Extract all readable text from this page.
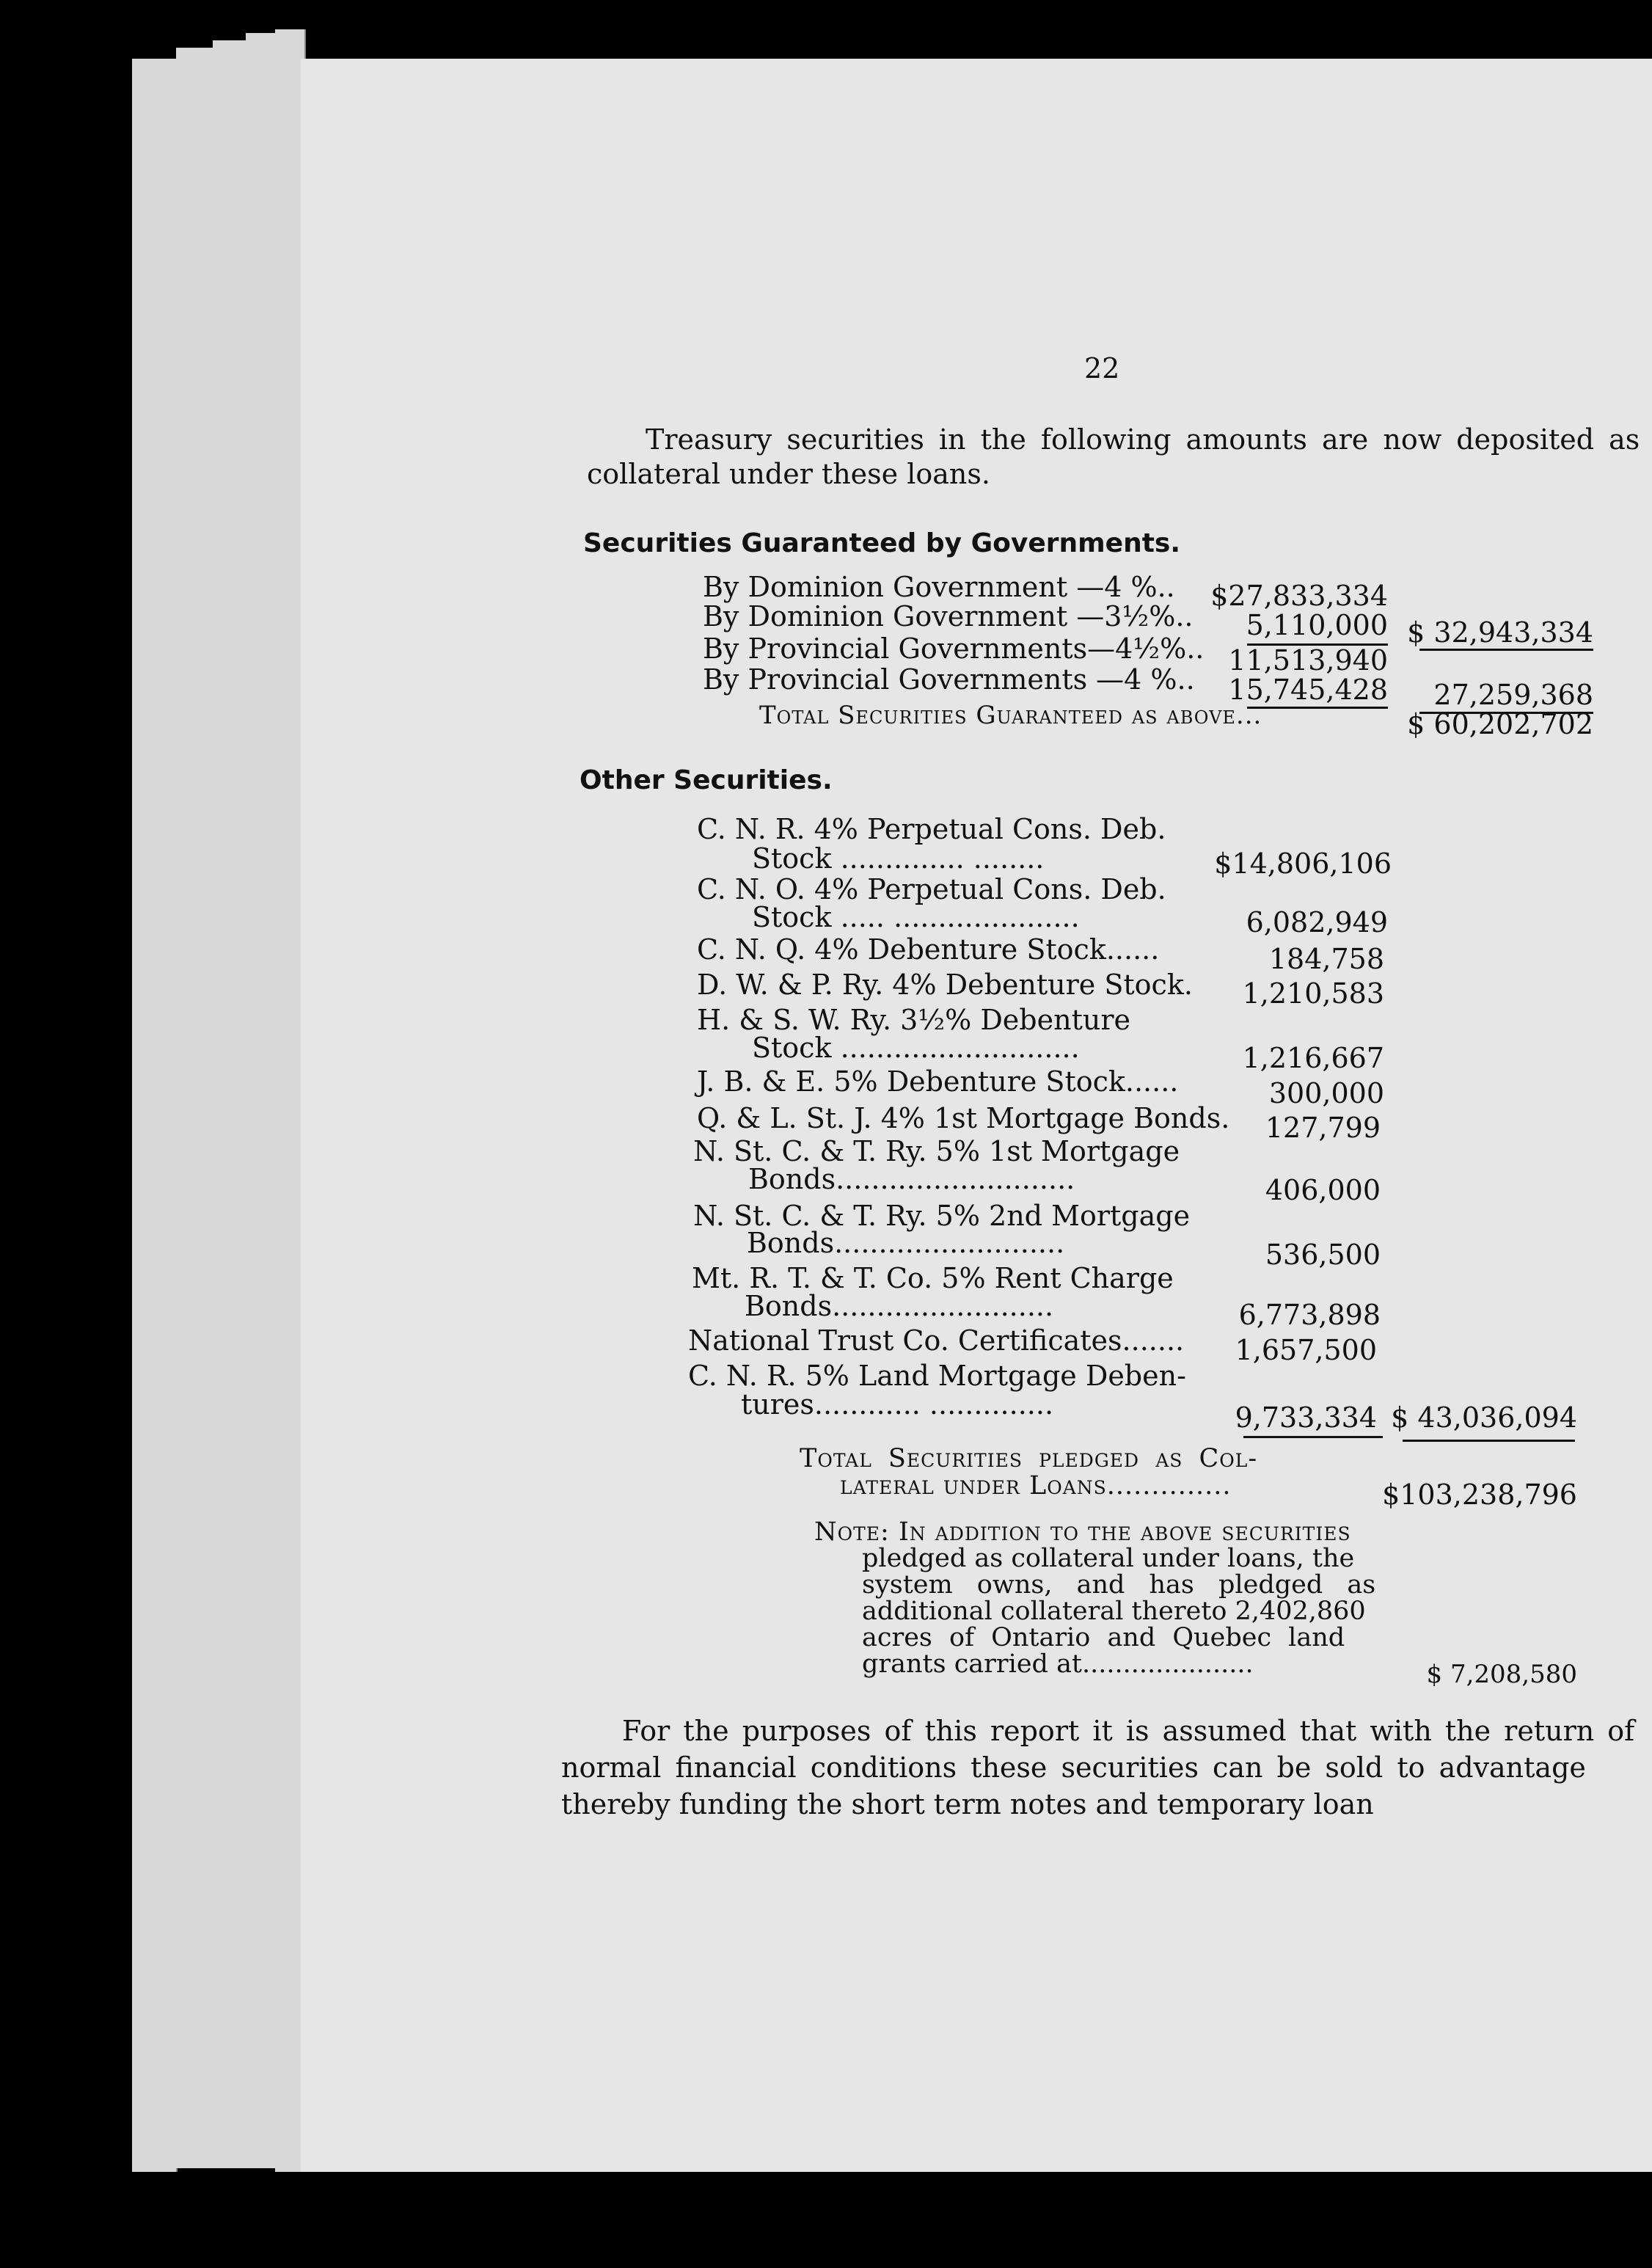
22
Treasury securities in the following amounts are now deposited as
collateral under these loans.
Securities Guaranteed by Governments.
By Dominion Government —4 %.. $27,833,334
By Dominion Government —3½%.. 5,110,000 $ 32,943,334
By Provincial Governments—4½%.. 11,513,940
By Provincial Governments —4 %.. 15,745,428 27,259,368
Total Securities Guaranteed as above...	$ 60,202,702
Other Securities.
C. N. R. 4% Perpetual Cons. Deb.
Stock .............. ........	$14,806,106
C. N. O. 4% Perpetual Cons. Deb.
Stock ..... .....................	6,082,949
C. N. Q. 4% Debenture Stock......	184,758
D. W. & P. Ry. 4% Debenture Stock. 1,210,583
H. & S. W. Ry. 3½% Debenture
Stock ...........................	1,216,667
J. B. & E. 5% Debenture Stock......	300,000
Q. & L. St. J. 4% 1st Mortgage Bonds. 127,799
N. St. C. & T. Ry. 5% 1st Mortgage
Bonds...........................	406,000
N. St. C. & T. Ry. 5% 2nd Mortgage
Bonds..........................	536,500
Mt. R. T. & T. Co. 5% Rent Charge
Bonds.........................	6,773,898
National Trust Co. Certificates....... 1,657,500
C. N. R. 5% Land Mortgage Deben-
tures............ ..............	9,733,334 $ 43,036,094
Total Securities pledged as Col-
lateral under Loans..............	$103,238,796
Note: In addition to the above securities
pledged as collateral under loans, the
system owns, and has pledged as
additional collateral thereto 2,402,860
acres of Ontario and Quebec land
grants carried at.....................	$ 7,208,580
For the purposes of this report it is assumed that with the return of
normal financial conditions these securities can be sold to advantage
thereby funding the short term notes and temporary loan
